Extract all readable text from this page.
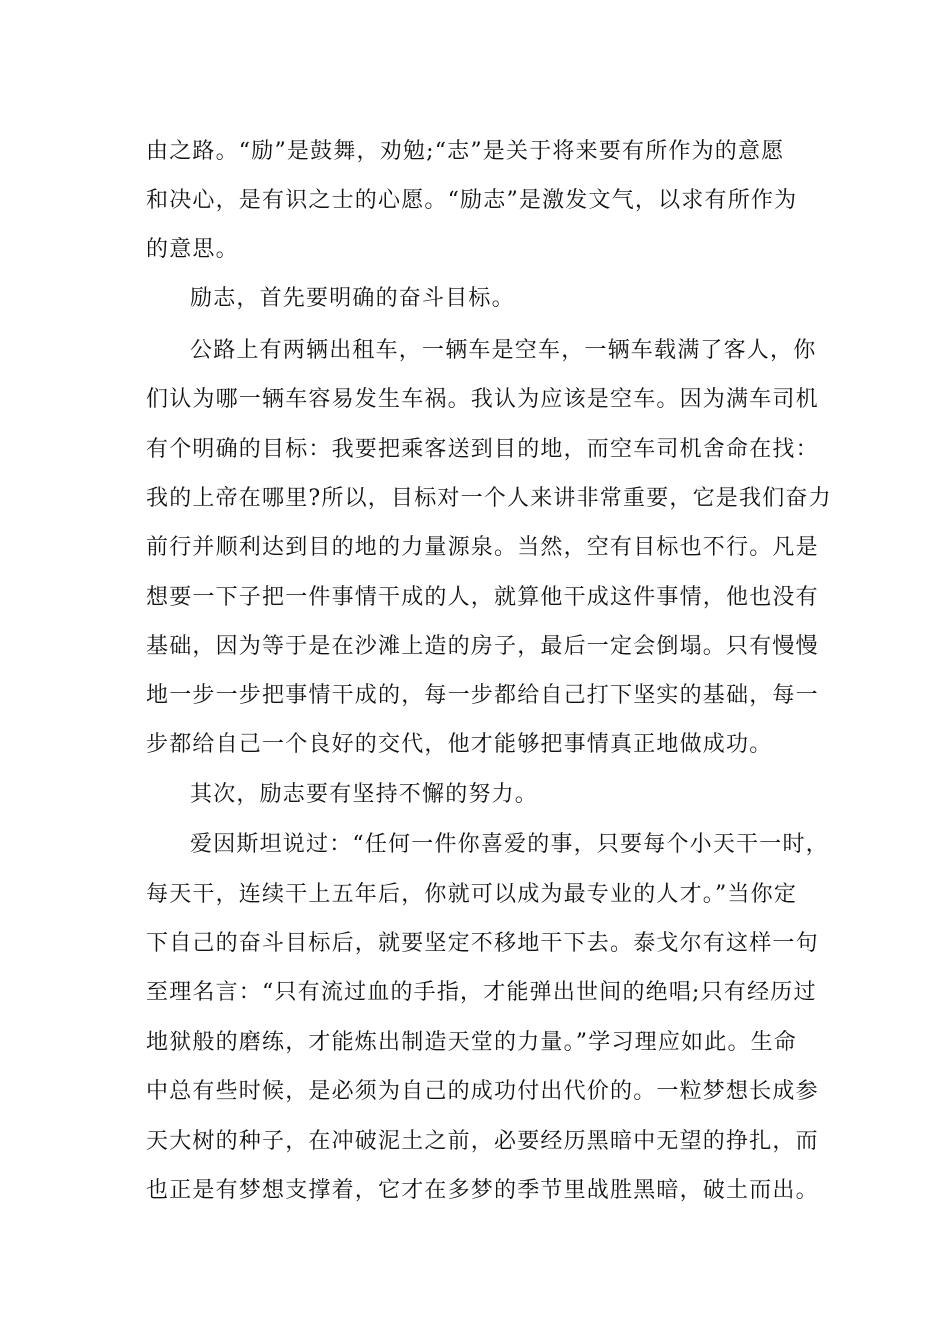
由之路。“励”是鼓舞，劝勉;“志”是关于将来要有所作为的意愿

和决心，是有识之士的心愿。“励志”是激发文气，以求有所作为

的意思。

励志，首先要明确的奋斗目标。

公路上有两辆出租车，一辆车是空车，一辆车载满了客人，你

们认为哪一辆车容易发生车祸。我认为应该是空车。因为满车司机

有个明确的目标：我要把乘客送到目的地，而空车司机舍命在找：

我的上帝在哪里?所以，目标对一个人来讲非常重要，它是我们奋力

前行并顺利达到目的地的力量源泉。当然，空有目标也不行。凡是

想要一下子把一件事情干成的人，就算他干成这件事情，他也没有

基础，因为等于是在沙滩上造的房子，最后一定会倒塌。只有慢慢

地一步一步把事情干成的，每一步都给自己打下坚实的基础，每一

步都给自己一个良好的交代，他才能够把事情真正地做成功。

其次，励志要有坚持不懈的努力。

爱因斯坦说过：“任何一件你喜爱的事，只要每个小天干一时，

每天干，连续干上五年后，你就可以成为最专业的人才。”当你定

下自己的奋斗目标后，就要坚定不移地干下去。泰戈尔有这样一句

至理名言：“只有流过血的手指，才能弹出世间的绝唱;只有经历过

地狱般的磨练，才能炼出制造天堂的力量。”学习理应如此。生命

中总有些时候，是必须为自己的成功付出代价的。一粒梦想长成参

天大树的种子，在冲破泥土之前，必要经历黑暗中无望的挣扎，而

也正是有梦想支撑着，它才在多梦的季节里战胜黑暗，破土而出。
